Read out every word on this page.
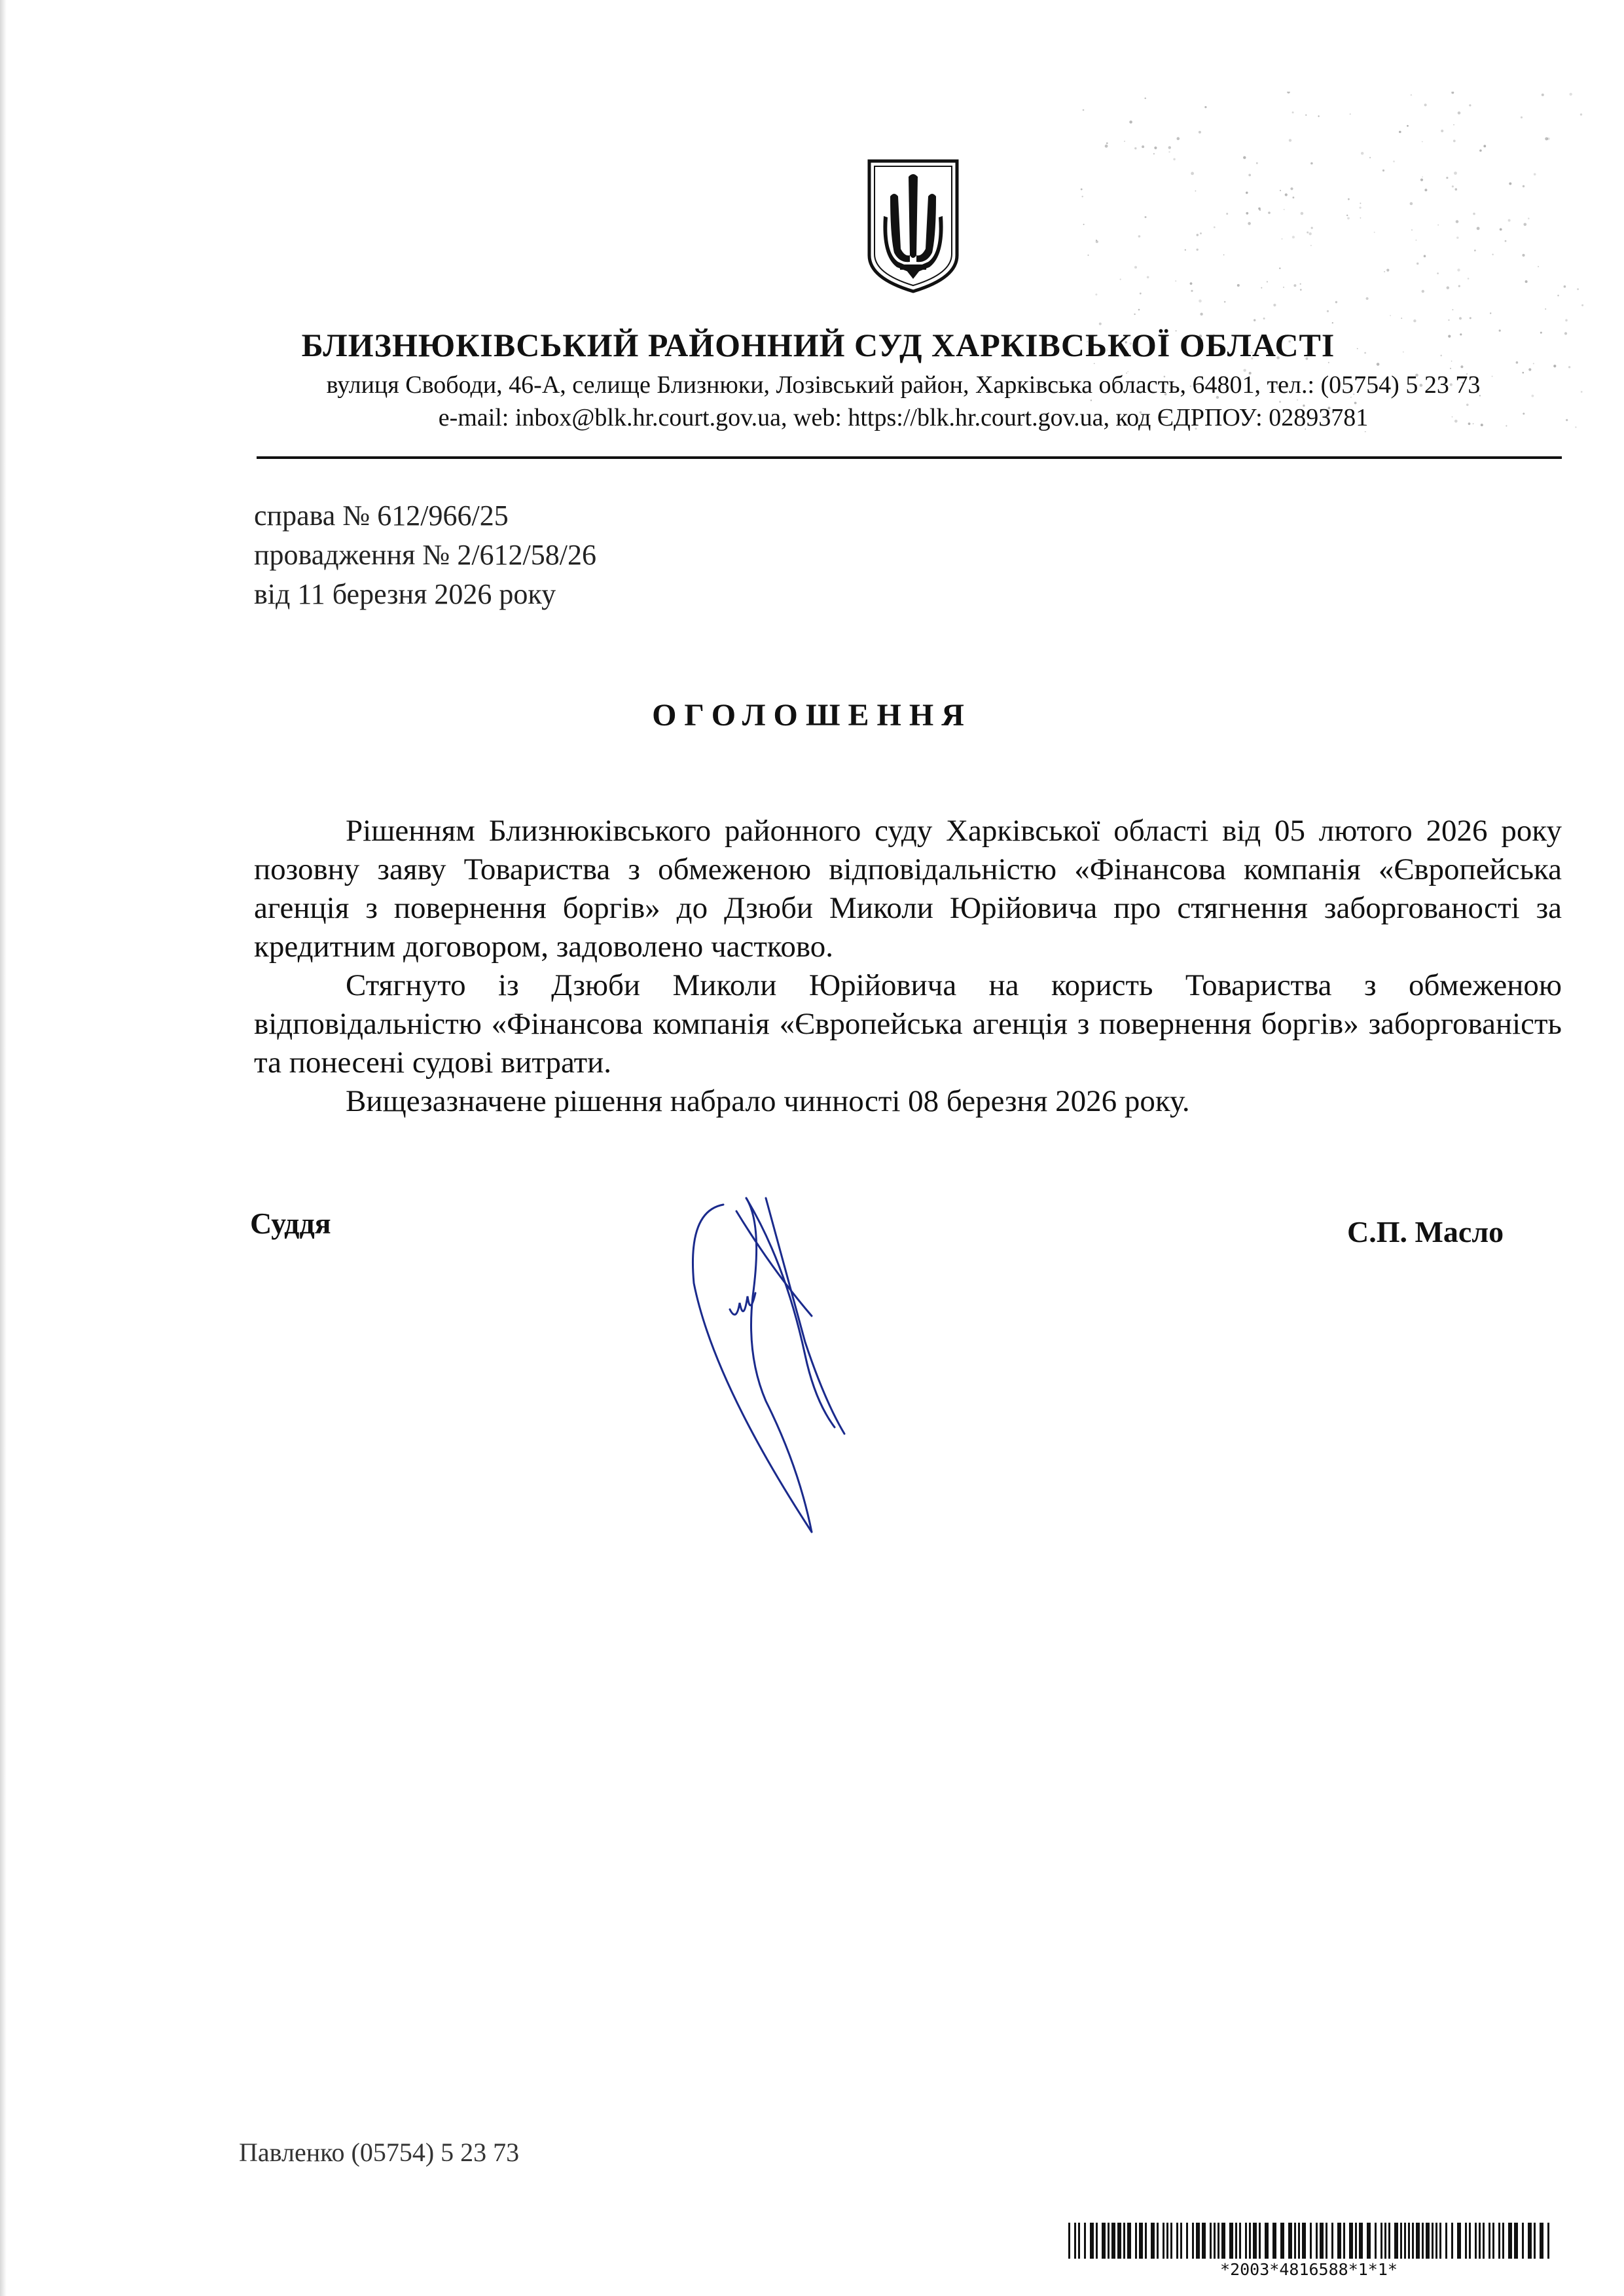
БЛИЗНЮКІВСЬКИЙ РАЙОННИЙ СУД ХАРКІВСЬКОЇ ОБЛАСТІ
вулиця Свободи, 46-А, селище Близнюки, Лозівський район, Харківська область, 64801, тел.: (05754) 5 23 73
e-mail: inbox@blk.hr.court.gov.ua, web: https://blk.hr.court.gov.ua, код ЄДРПОУ: 02893781
справа № 612/966/25
провадження № 2/612/58/26
від 11 березня 2026 року
ОГОЛОШЕННЯ

Рішенням Близнюківського районного суду Харківської області від 05 лютого 2026 року позовну заяву Товариства з обмеженою відповідальністю «Фінансова компанія «Європейська агенція з повернення боргів» до Дзюби Миколи Юрійовича про стягнення заборгованості за кредитним договором, задоволено частково.

Стягнуто із Дзюби Миколи Юрійовича на користь Товариства з обмеженою відповідальністю «Фінансова компанія «Європейська агенція з повернення боргів» заборгованість та понесені судові витрати.

Вищезазначене рішення набрало чинності 08 березня 2026 року.

Суддя	С.П. Масло
Павленко (05754) 5 23 73
*2003*4816588*1*1*
